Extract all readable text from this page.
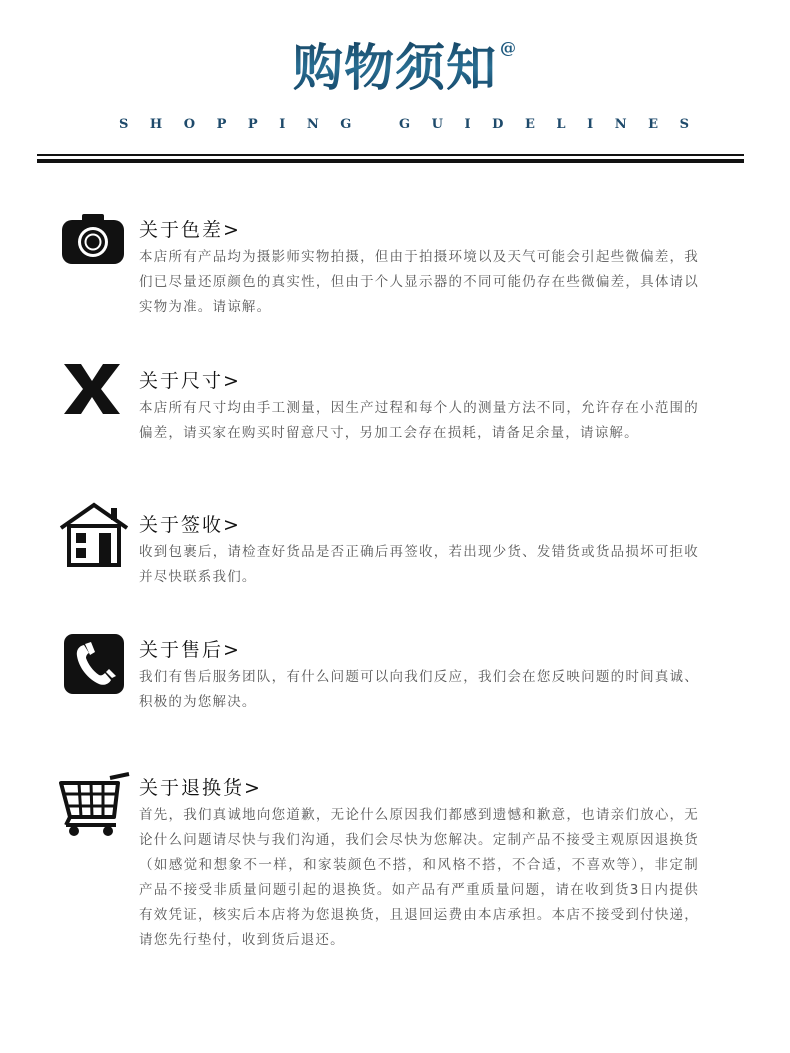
购物须知 @
S H O P P I N G
	G U I D E L I N E S
关于色差>
本店所有产品均为摄影师实物拍摄，但由于拍摄环境以及天气可能会引起些微偏差，我们已尽量还原颜色的真实性，但由于个人显示器的不同可能仍存在些微偏差，具体请以实物为准。请谅解。
关于尺寸>
本店所有尺寸均由手工测量，因生产过程和每个人的测量方法不同，允许存在小范围的偏差，请买家在购买时留意尺寸，另加工会存在损耗，请备足余量，请谅解。
关于签收>
收到包裹后，请检查好货品是否正确后再签收，若出现少货、发错货或货品损坏可拒收并尽快联系我们。
关于售后>
我们有售后服务团队，有什么问题可以向我们反应，我们会在您反映问题的时间真诚、积极的为您解决。
关于退换货>
首先，我们真诚地向您道歉，无论什么原因我们都感到遗憾和歉意，也请亲们放心，无论什么问题请尽快与我们沟通，我们会尽快为您解决。定制产品不接受主观原因退换货（如感觉和想象不一样，和家装颜色不搭，和风格不搭，不合适，不喜欢等），非定制产品不接受非质量问题引起的退换货。如产品有严重质量问题，请在收到货3日内提供有效凭证，核实后本店将为您退换货，且退回运费由本店承担。本店不接受到付快递，请您先行垫付，收到货后退还。
